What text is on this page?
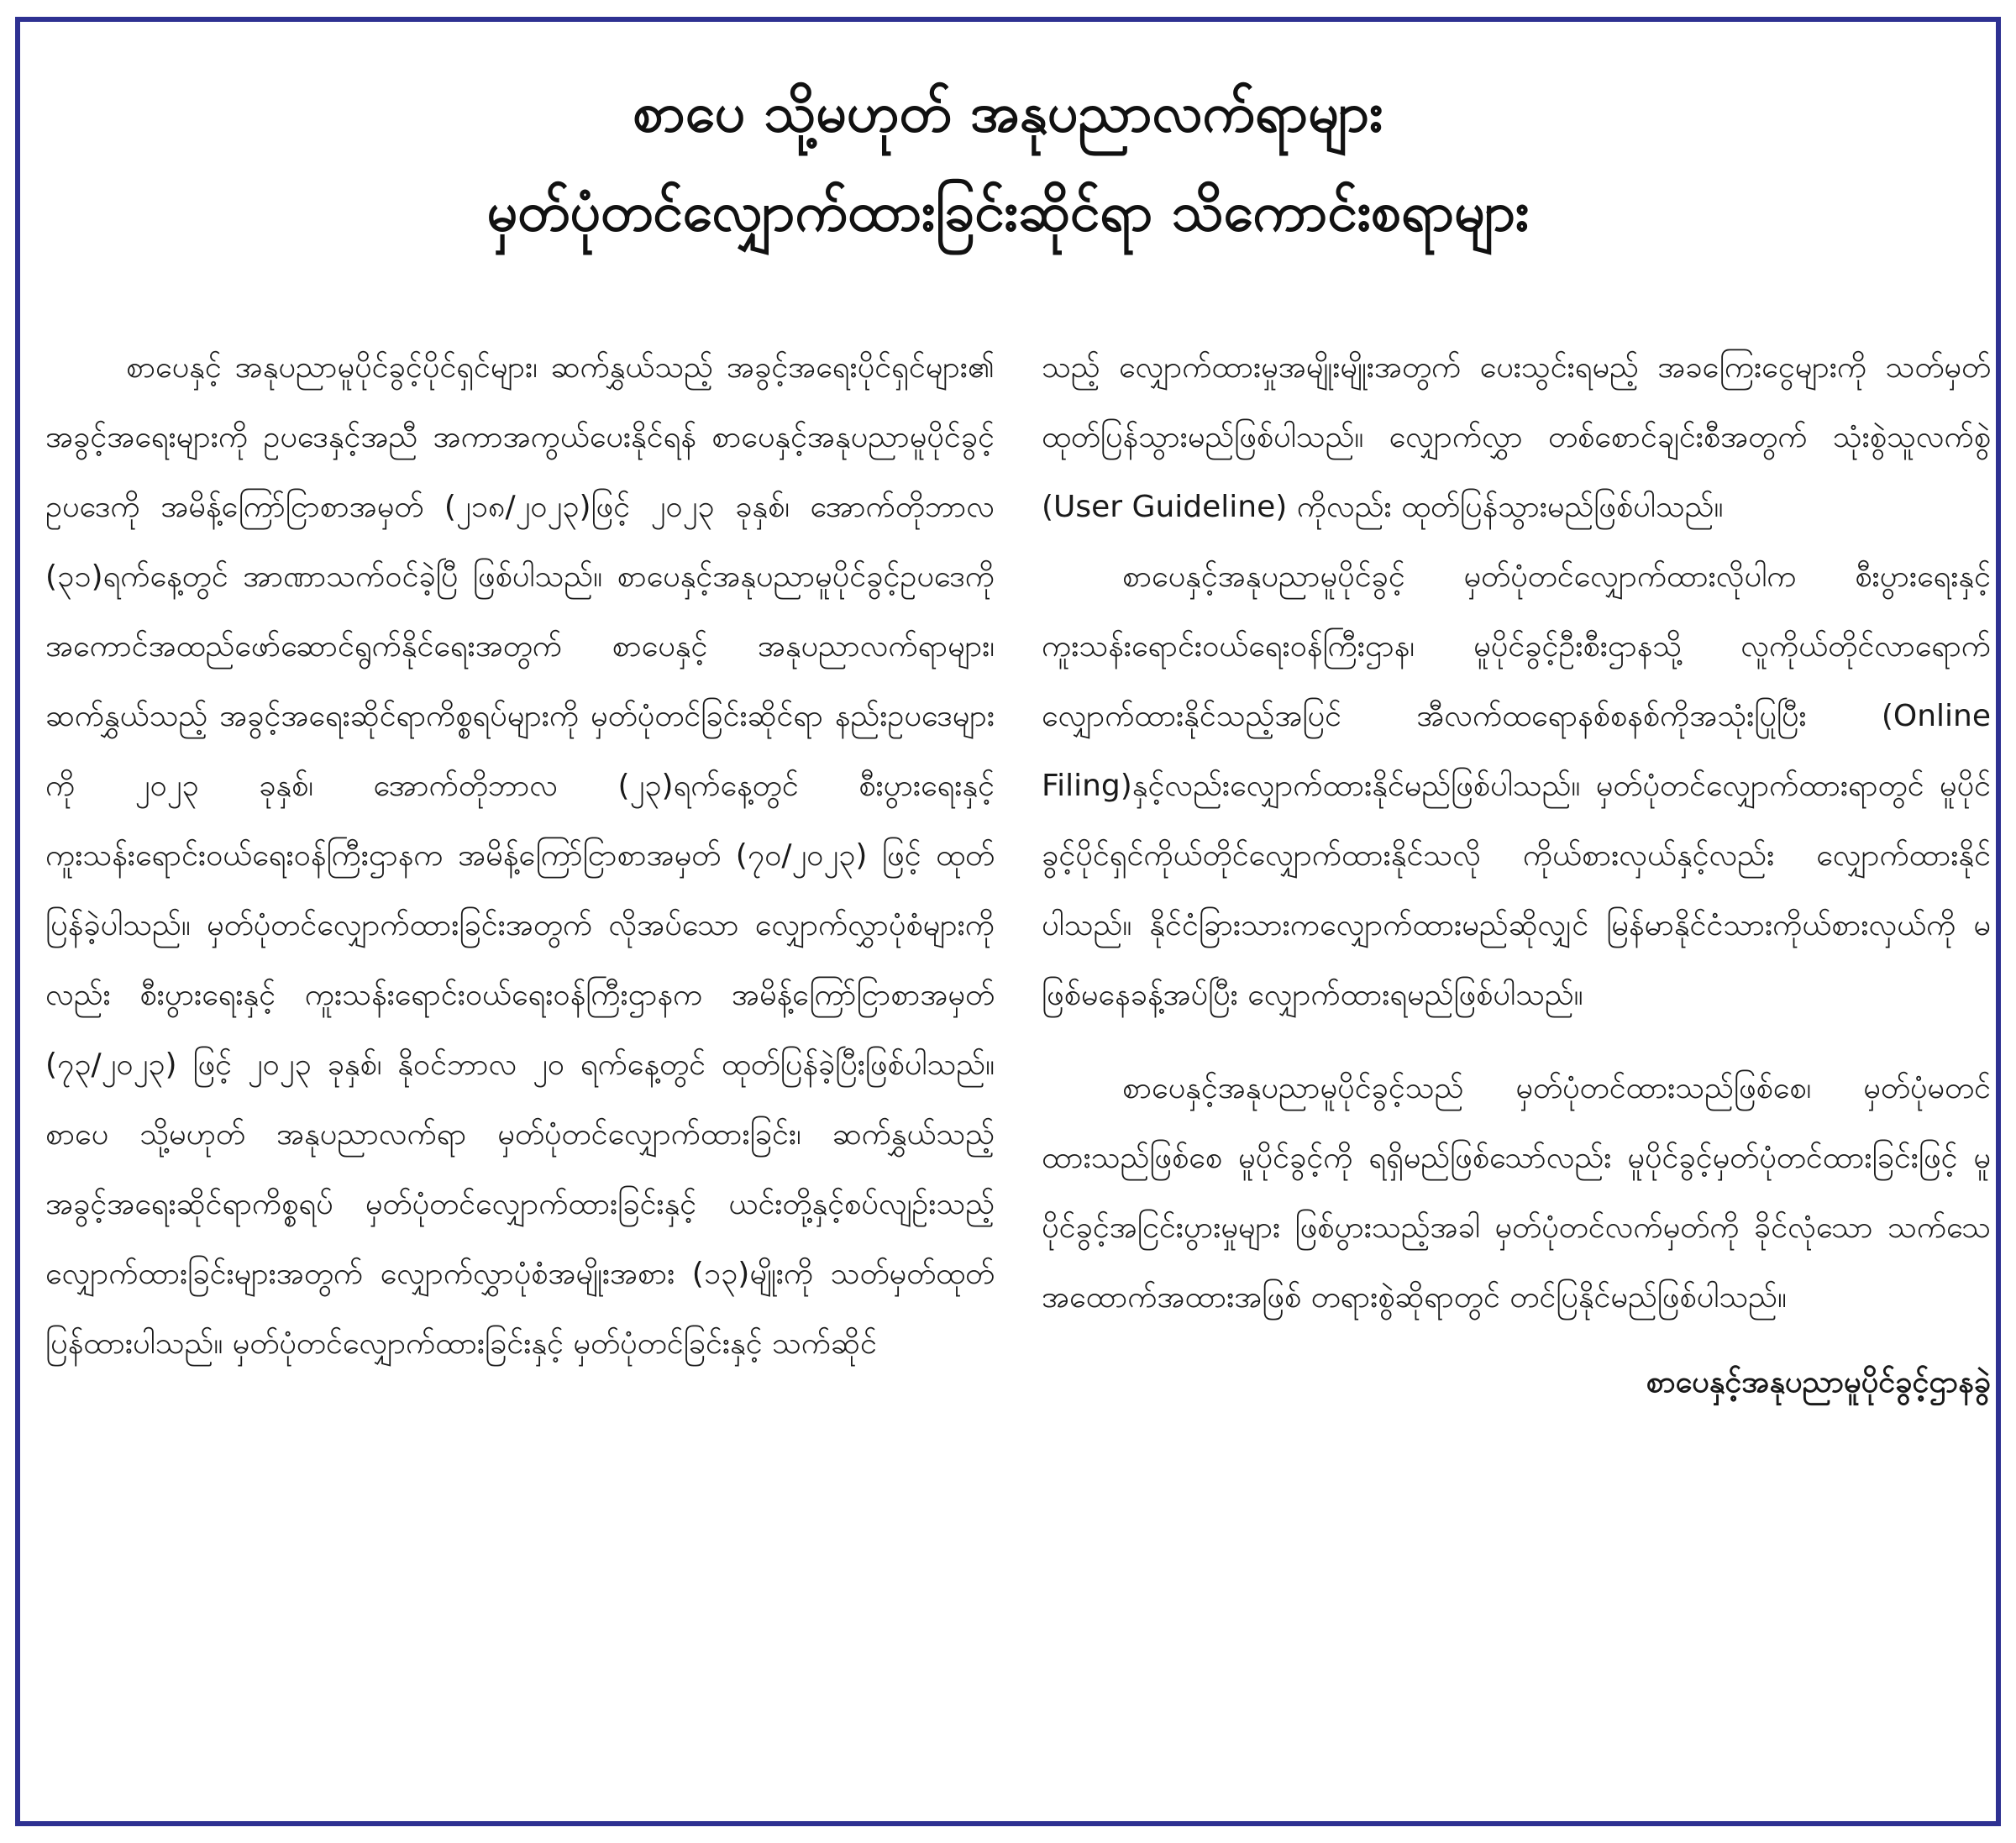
စာပေ သို့မဟုတ် အနုပညာလက်ရာများ
မှတ်ပုံတင်လျှောက်ထားခြင်းဆိုင်ရာ သိကောင်းစရာများ

စာပေနှင့် အနုပညာမူပိုင်ခွင့်ပိုင်ရှင်များ၊ ဆက်နွှယ်သည့် အခွင့်အရေးပိုင်ရှင်များ၏ အခွင့်အရေးများကို ဥပဒေနှင့်အညီ အကာအကွယ်ပေးနိုင်ရန် စာပေနှင့်အနုပညာမူပိုင်ခွင့်ဥပဒေကို အမိန့်ကြော်ငြာစာအမှတ် (၂၁၈/၂၀၂၃)ဖြင့် ၂၀၂၃ ခုနှစ်၊ အောက်တိုဘာလ (၃၁)ရက်နေ့တွင် အာဏာသက်ဝင်ခဲ့ပြီ ဖြစ်ပါသည်။ စာပေနှင့်အနုပညာမူပိုင်ခွင့်ဥပဒေကို အကောင်အထည်ဖော်ဆောင်ရွက်နိုင်ရေးအတွက် စာပေနှင့် အနုပညာလက်ရာများ၊ ဆက်နွှယ်သည့် အခွင့်အရေးဆိုင်ရာကိစ္စရပ်များကို မှတ်ပုံတင်ခြင်းဆိုင်ရာ နည်းဥပဒေများကို ၂၀၂၃ ခုနှစ်၊ အောက်တိုဘာလ (၂၃)ရက်နေ့တွင် စီးပွားရေးနှင့် ကူးသန်းရောင်းဝယ်ရေးဝန်ကြီးဌာနက အမိန့်ကြော်ငြာစာအမှတ် (၇၀/၂၀၂၃) ဖြင့် ထုတ်ပြန်ခဲ့ပါသည်။ မှတ်ပုံတင်လျှောက်ထားခြင်းအတွက် လိုအပ်သော လျှောက်လွှာပုံစံများကိုလည်း စီးပွားရေးနှင့် ကူးသန်းရောင်းဝယ်ရေးဝန်ကြီးဌာနက အမိန့်ကြော်ငြာစာအမှတ် (၇၃/၂၀၂၃) ဖြင့် ၂၀၂၃ ခုနှစ်၊ နိုဝင်ဘာလ ၂၀ ရက်နေ့တွင် ထုတ်ပြန်ခဲ့ပြီးဖြစ်ပါသည်။ စာပေ သို့မဟုတ် အနုပညာလက်ရာ မှတ်ပုံတင်လျှောက်ထားခြင်း၊ ဆက်နွှယ်သည့်အခွင့်အရေးဆိုင်ရာကိစ္စရပ် မှတ်ပုံတင်လျှောက်ထားခြင်းနှင့် ယင်းတို့နှင့်စပ်လျဉ်းသည့် လျှောက်ထားခြင်းများအတွက် လျှောက်လွှာပုံစံအမျိုးအစား (၁၃)မျိုးကို သတ်မှတ်ထုတ်ပြန်ထားပါသည်။ မှတ်ပုံတင်လျှောက်ထားခြင်းနှင့် မှတ်ပုံတင်ခြင်းနှင့် သက်ဆိုင်

သည့် လျှောက်ထားမှုအမျိုးမျိုးအတွက် ပေးသွင်းရမည့် အခကြေးငွေများကို သတ်မှတ်ထုတ်ပြန်သွားမည်ဖြစ်ပါသည်။ လျှောက်လွှာ တစ်စောင်ချင်းစီအတွက် သုံးစွဲသူလက်စွဲ (User Guideline) ကိုလည်း ထုတ်ပြန်သွားမည်ဖြစ်ပါသည်။

စာပေနှင့်အနုပညာမူပိုင်ခွင့် မှတ်ပုံတင်လျှောက်ထားလိုပါက စီးပွားရေးနှင့် ကူးသန်းရောင်းဝယ်ရေးဝန်ကြီးဌာန၊ မူပိုင်ခွင့်ဦးစီးဌာနသို့ လူကိုယ်တိုင်လာရောက် လျှောက်ထားနိုင်သည့်အပြင် အီလက်ထရောနစ်စနစ်ကိုအသုံးပြုပြီး (Online Filing)နှင့်လည်းလျှောက်ထားနိုင်မည်ဖြစ်ပါသည်။ မှတ်ပုံတင်လျှောက်ထားရာတွင် မူပိုင်ခွင့်ပိုင်ရှင်ကိုယ်တိုင်လျှောက်ထားနိုင်သလို ကိုယ်စားလှယ်နှင့်လည်း လျှောက်ထားနိုင်ပါသည်။ နိုင်ငံခြားသားကလျှောက်ထားမည်ဆိုလျှင် မြန်မာနိုင်ငံသားကိုယ်စားလှယ်ကို မဖြစ်မနေခန့်အပ်ပြီး လျှောက်ထားရမည်ဖြစ်ပါသည်။

စာပေနှင့်အနုပညာမူပိုင်ခွင့်သည် မှတ်ပုံတင်ထားသည်ဖြစ်စေ၊ မှတ်ပုံမတင်ထားသည်ဖြစ်စေ မူပိုင်ခွင့်ကို ရရှိမည်ဖြစ်သော်လည်း မူပိုင်ခွင့်မှတ်ပုံတင်ထားခြင်းဖြင့် မူပိုင်ခွင့်အငြင်းပွားမှုများ ဖြစ်ပွားသည့်အခါ မှတ်ပုံတင်လက်မှတ်ကို ခိုင်လုံသော သက်သေအထောက်အထားအဖြစ် တရားစွဲဆိုရာတွင် တင်ပြနိုင်မည်ဖြစ်ပါသည်။

စာပေနှင့်အနုပညာမူပိုင်ခွင့်ဌာနခွဲ
